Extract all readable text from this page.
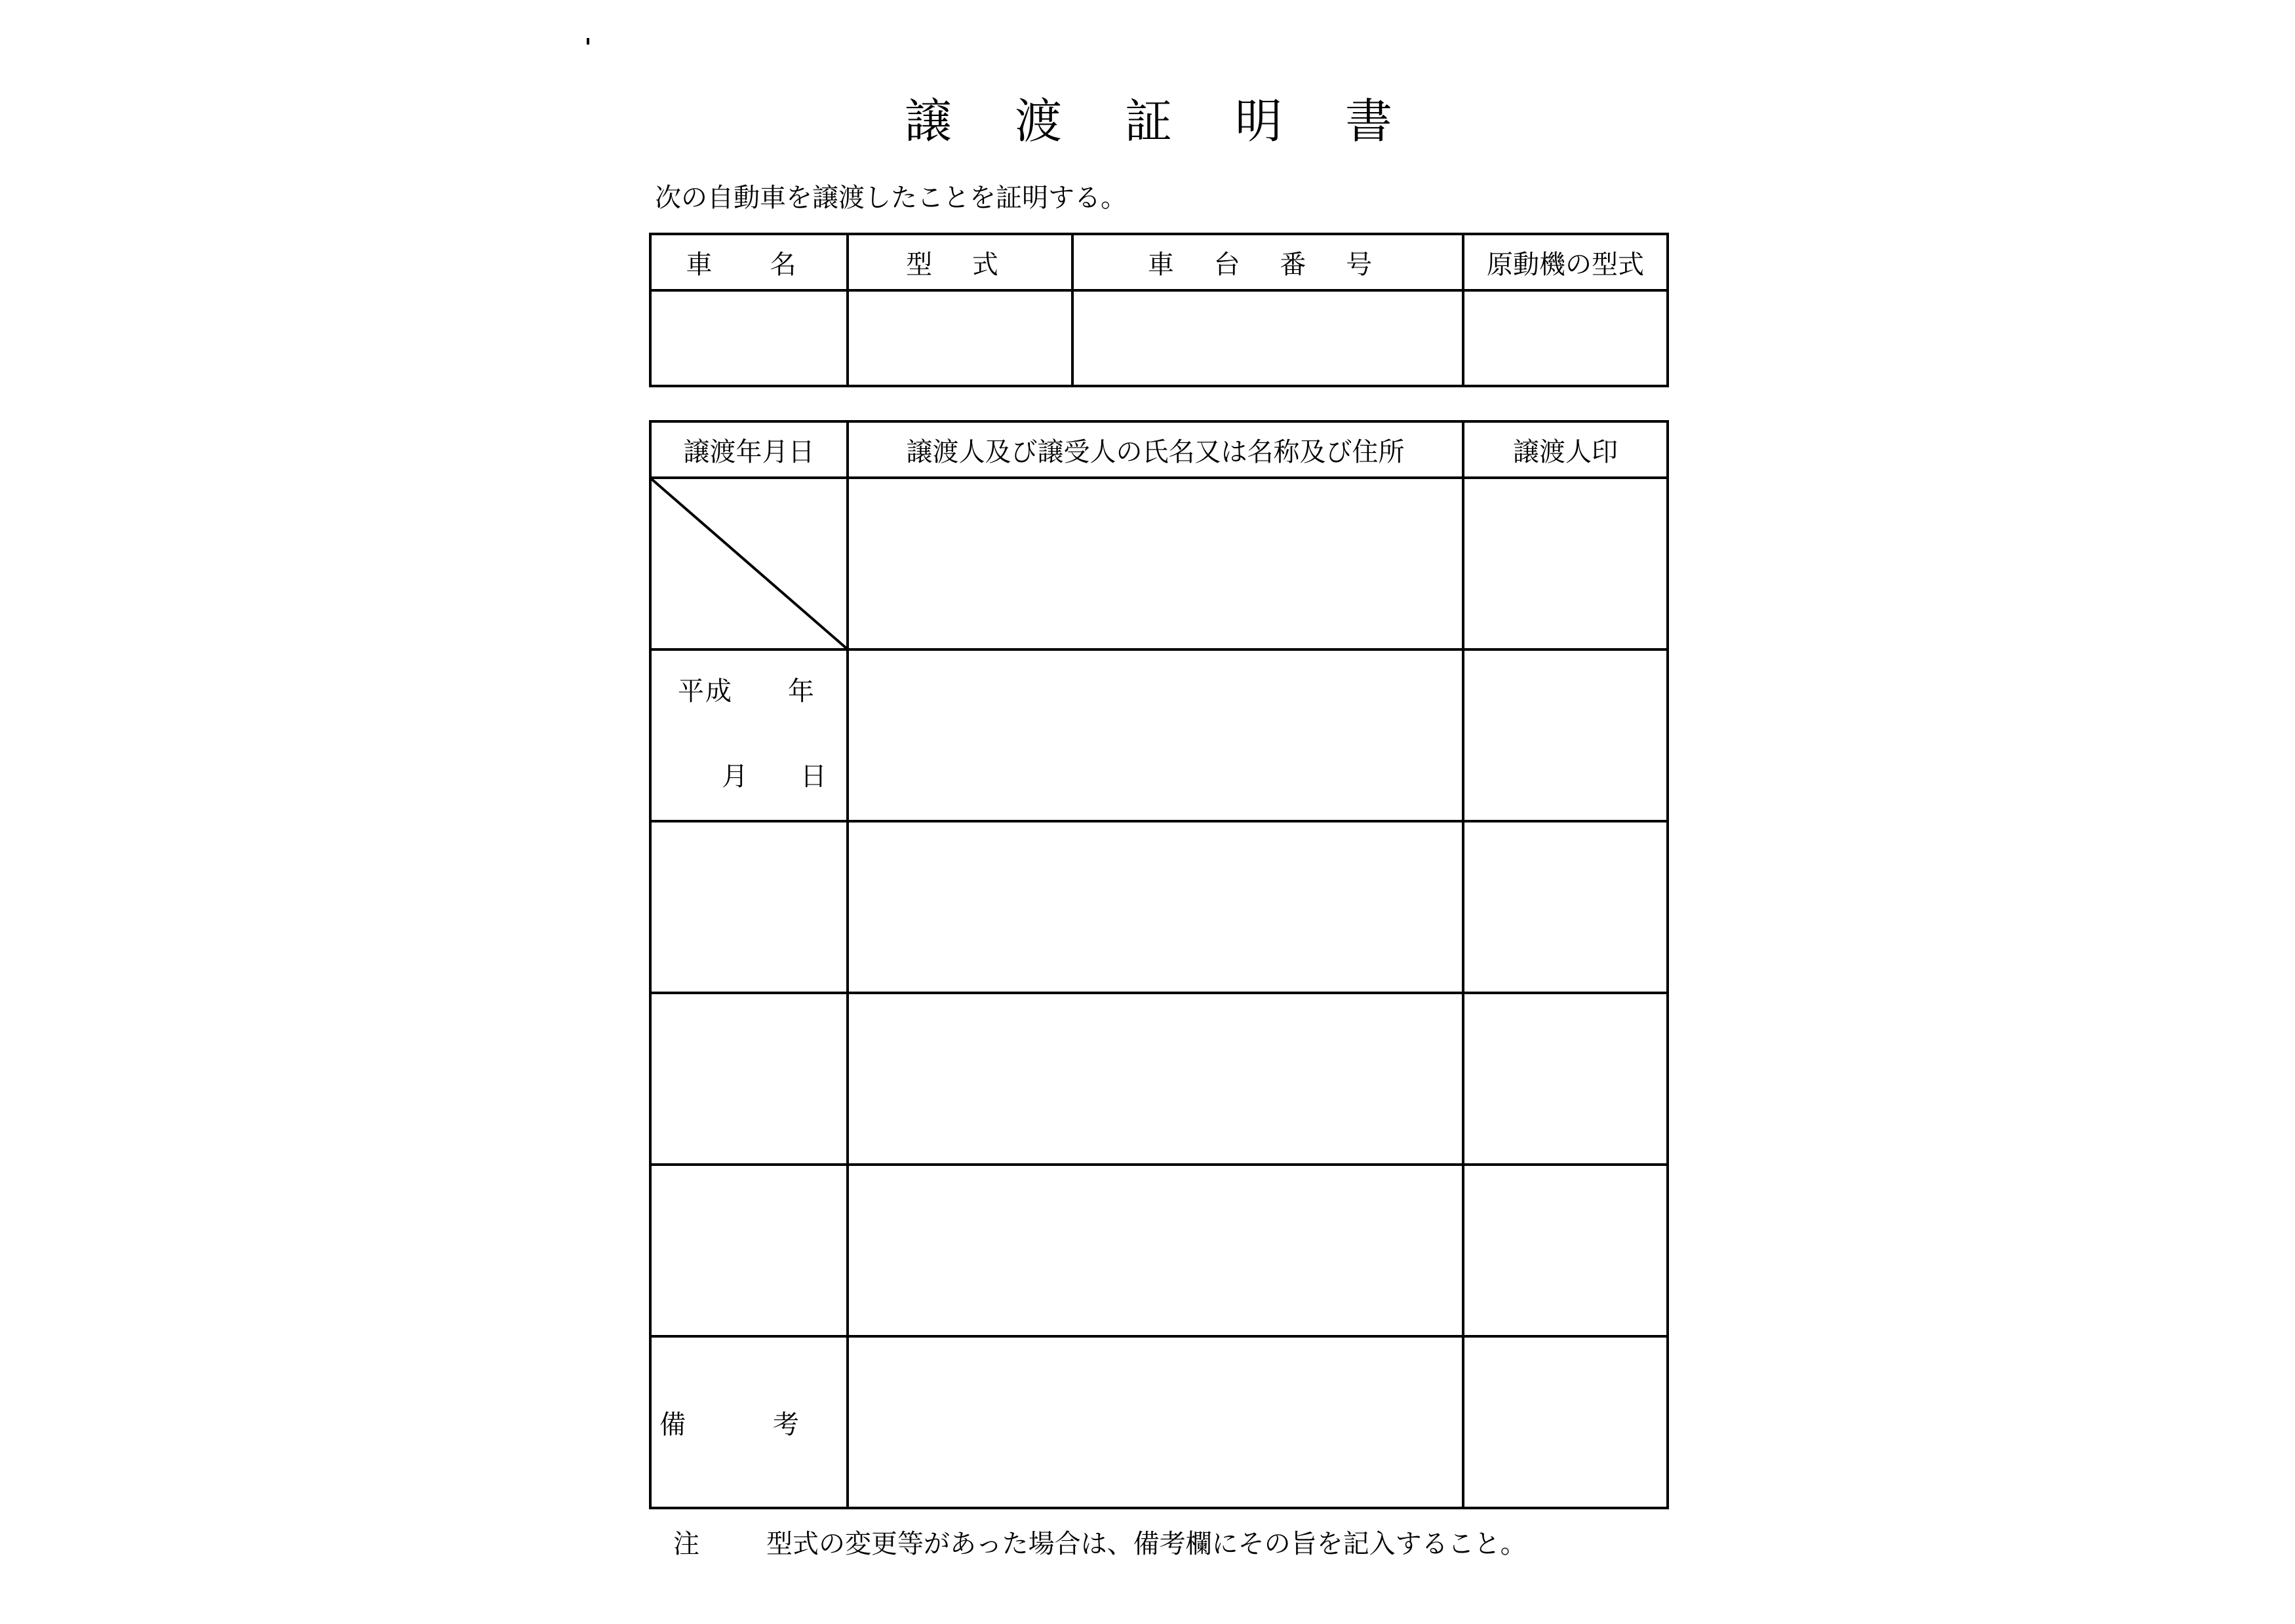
譲 渡 証 明 書
次の自動車を譲渡したことを証明する。
車　名	型 式	車 台 番 号	原動機の型式

譲渡年月日	譲渡人及び譲受人の氏名又は名称及び住所	譲渡人印

平成　　年
月　　日		

備 考		
注	型式の変更等があった場合は、備考欄にその旨を記入すること。
